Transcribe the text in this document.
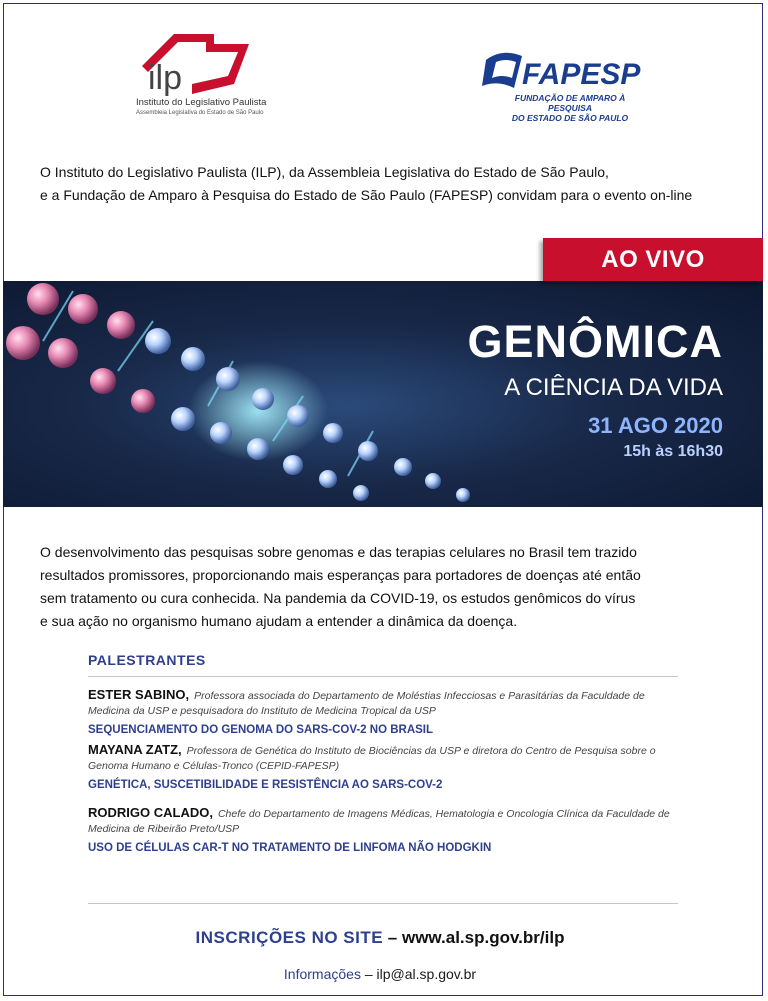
ilp
Instituto do Legislativo Paulista
Assembleia Legislativa do Estado de São Paulo
FAPESP
FUNDAÇÃO DE AMPARO À PESQUISA
DO ESTADO DE SÃO PAULO

O Instituto do Legislativo Paulista (ILP), da Assembleia Legislativa do Estado de São Paulo,

e a Fundação de Amparo à Pesquisa do Estado de São Paulo (FAPESP) convidam para o evento on-line

GENÔMICA
A CIÊNCIA DA VIDA
31 AGO 2020
15h às 16h30
AO VIVO

O desenvolvimento das pesquisas sobre genomas e das terapias celulares no Brasil tem trazido

resultados promissores, proporcionando mais esperanças para portadores de doenças até então

sem tratamento ou cura conhecida. Na pandemia da COVID-19, os estudos genômicos do vírus

e sua ação no organismo humano ajudam a entender a dinâmica da doença.

PALESTRANTES
ESTER SABINO, Professora associada do Departamento de Moléstias Infecciosas e Parasitárias da Faculdade de Medicina da USP e pesquisadora do Instituto de Medicina Tropical da USP
SEQUENCIAMENTO DO GENOMA DO SARS-COV-2 NO BRASIL
MAYANA ZATZ, Professora de Genética do Instituto de Biociências da USP e diretora do Centro de Pesquisa sobre o Genoma Humano e Células-Tronco (CEPID-FAPESP)
GENÉTICA, SUSCETIBILIDADE E RESISTÊNCIA AO SARS-COV-2
RODRIGO CALADO, Chefe do Departamento de Imagens Médicas, Hematologia e Oncologia Clínica da Faculdade de Medicina de Ribeirão Preto/USP
USO DE CÉLULAS CAR-T NO TRATAMENTO DE LINFOMA NÃO HODGKIN
INSCRIÇÕES NO SITE – www.al.sp.gov.br/ilp
Informações – ilp@al.sp.gov.br
